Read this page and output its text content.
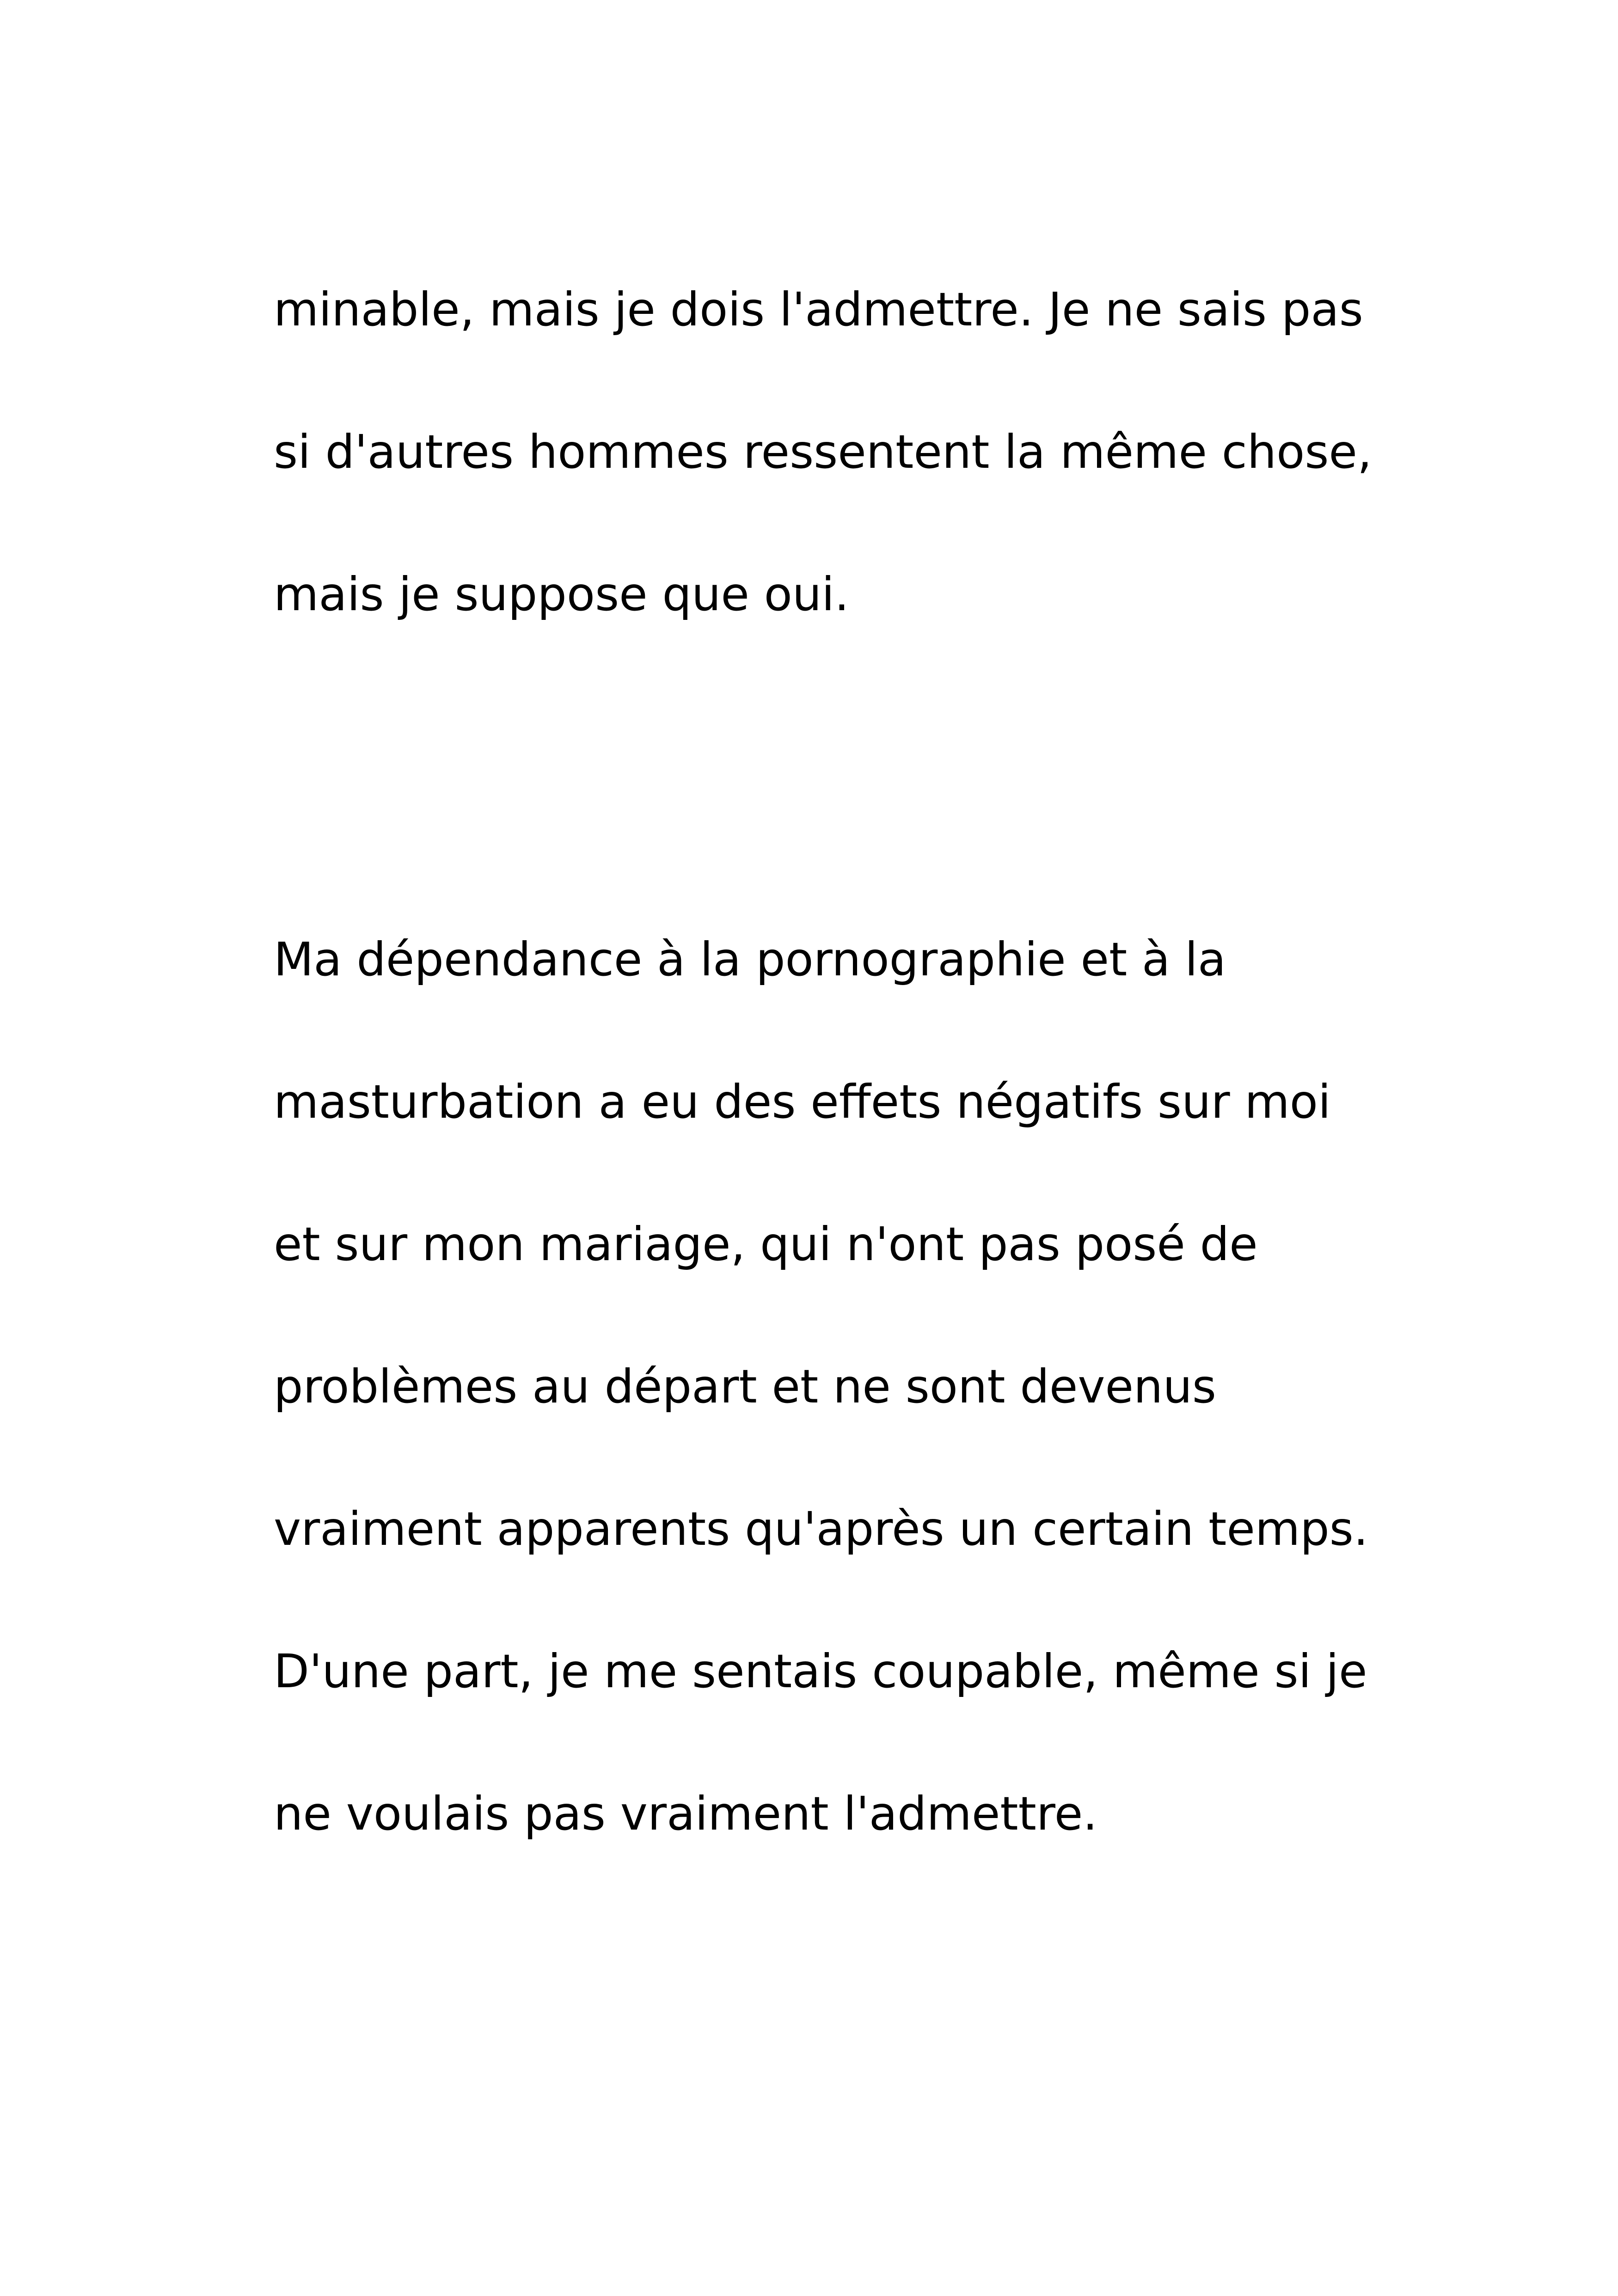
minable, mais je dois l'admettre. Je ne sais pas

si d'autres hommes ressentent la même chose,

mais je suppose que oui.

Ma dépendance à la pornographie et à la

masturbation a eu des effets négatifs sur moi

et sur mon mariage, qui n'ont pas posé de

problèmes au départ et ne sont devenus

vraiment apparents qu'après un certain temps.

D'une part, je me sentais coupable, même si je

ne voulais pas vraiment l'admettre.
